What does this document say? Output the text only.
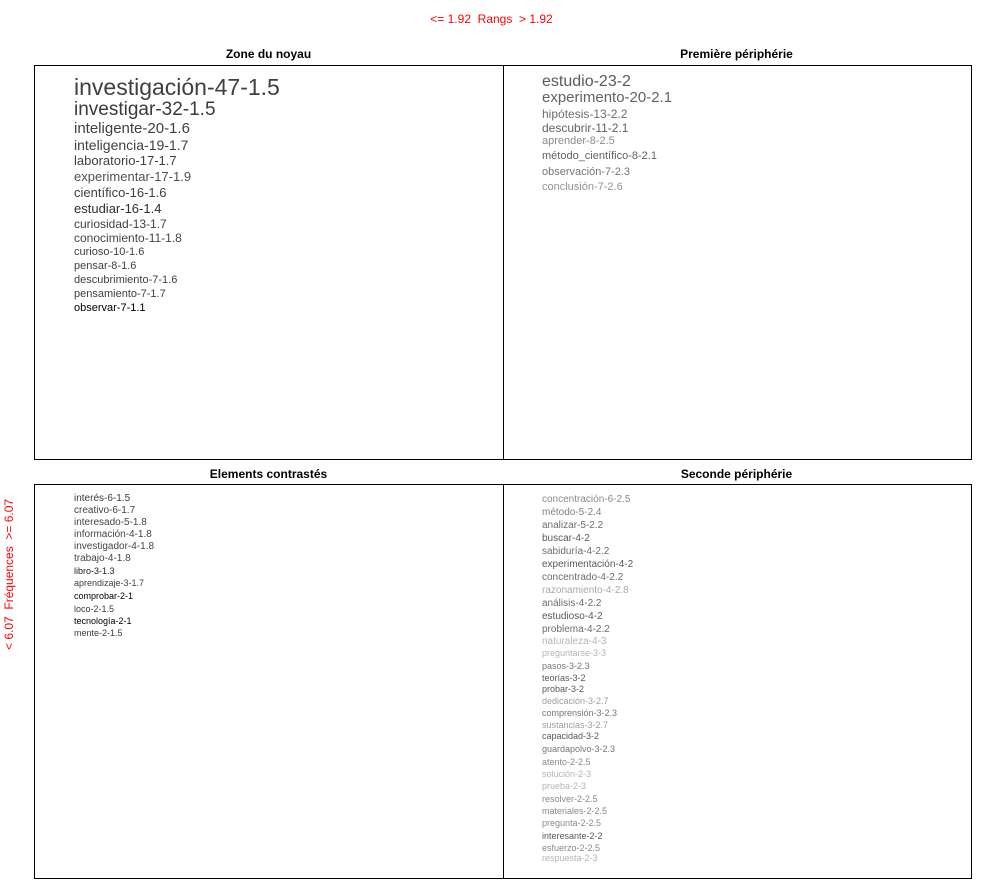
<= 1.92  Rangs  > 1.92
< 6.07  Fréquences  >= 6.07
Zone du noyau	Première périphérie
Elements contrastés	Seconde périphérie
investigación-47-1.5
investigar-32-1.5
inteligente-20-1.6
inteligencia-19-1.7
laboratorio-17-1.7
experimentar-17-1.9
científico-16-1.6
estudiar-16-1.4
curiosidad-13-1.7
conocimiento-11-1.8
curioso-10-1.6
pensar-8-1.6
descubrimiento-7-1.6
pensamiento-7-1.7
observar-7-1.1
estudio-23-2
experimento-20-2.1
hipótesis-13-2.2
descubrir-11-2.1
aprender-8-2.5
método_científico-8-2.1
observación-7-2.3
conclusión-7-2.6
interés-6-1.5
creativo-6-1.7
interesado-5-1.8
información-4-1.8
investigador-4-1.8
trabajo-4-1.8
libro-3-1.3
aprendizaje-3-1.7
comprobar-2-1
loco-2-1.5
tecnología-2-1
mente-2-1.5
concentración-6-2.5
método-5-2.4
analizar-5-2.2
buscar-4-2
sabiduría-4-2.2
experimentación-4-2
concentrado-4-2.2
razonamiento-4-2.8
análisis-4-2.2
estudioso-4-2
problema-4-2.2
naturaleza-4-3
preguntarse-3-3
pasos-3-2.3
teorías-3-2
probar-3-2
dedicación-3-2.7
comprensión-3-2.3
sustancias-3-2.7
capacidad-3-2
guardapolvo-3-2.3
atento-2-2.5
solución-2-3
prueba-2-3
resolver-2-2.5
materiales-2-2.5
pregunta-2-2.5
interesante-2-2
esfuerzo-2-2.5
respuesta-2-3
